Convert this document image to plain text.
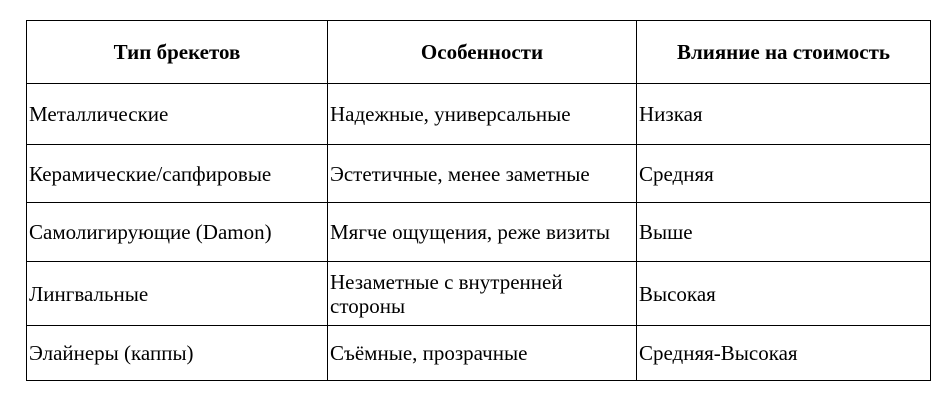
Тип брекетов	Особенности	Влияние на стоимость
Металлические	Надежные, универсальные	Низкая
Керамические/сапфировые	Эстетичные, менее заметные	Средняя
Самолигирующие (Damon)	Мягче ощущения, реже визиты	Выше
Лингвальные	Незаметные с внутренней стороны	Высокая
Элайнеры (каппы)	Съёмные, прозрачные	Средняя-Высокая
